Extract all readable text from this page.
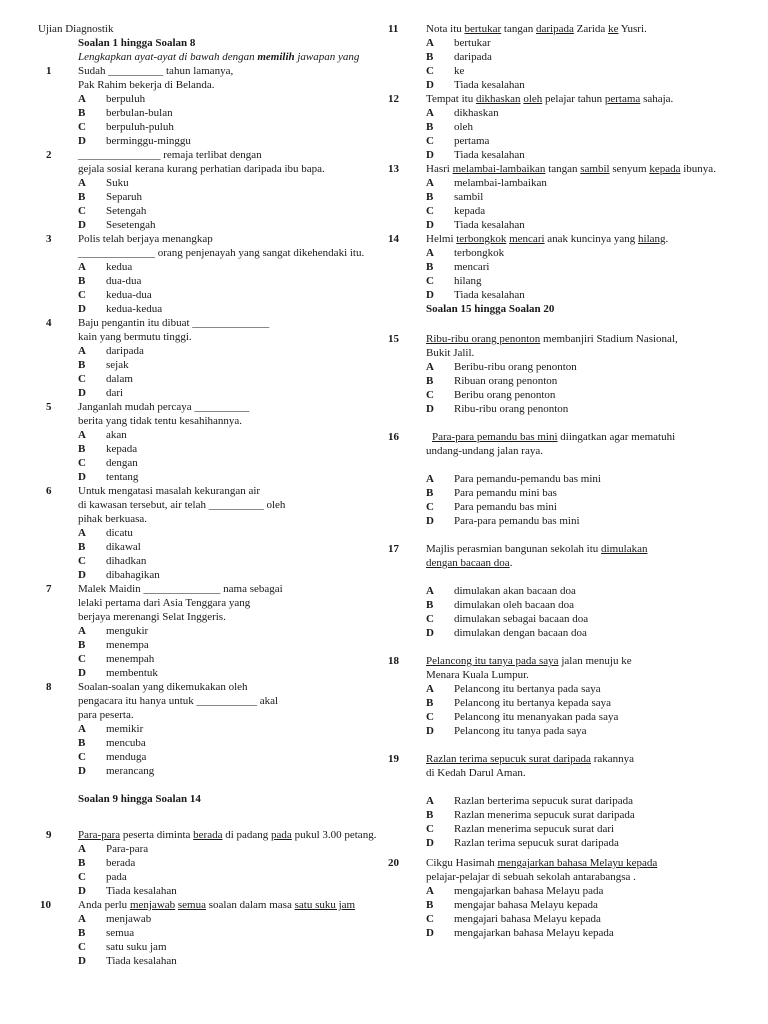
Ujian Diagnostik
Soalan 1 hingga Soalan 8
Lengkapkan ayat-ayat di bawah dengan memilih jawapan yang
1 Sudah __________ tahun lamanya,
Pak Rahim bekerja di Belanda.
A	berpuluh
B	berbulan-bulan
C	berpuluh-puluh
D	berminggu-minggu
2 _______________ remaja terlibat dengan
gejala sosial kerana kurang perhatian daripada ibu bapa.
A	Suku
B	Separuh
C	Setengah
D	Sesetengah
3 Polis telah berjaya menangkap
______________ orang penjenayah yang sangat dikehendaki itu.
A	kedua
B	dua-dua
C	kedua-dua
D	kedua-kedua
4 Baju pengantin itu dibuat ______________
kain yang bermutu tinggi.
A	daripada
B	sejak
C	dalam
D	dari
5 Janganlah mudah percaya __________
berita yang tidak tentu kesahihannya.
A	akan
B	kepada
C	dengan
D	tentang
6 Untuk mengatasi masalah kekurangan air
di kawasan tersebut, air telah __________ oleh
pihak berkuasa.
A	dicatu
B	dikawal
C	dihadkan
D	dibahagikan
7 Malek Maidin ______________ nama sebagai
lelaki pertama dari Asia Tenggara yang
berjaya merenangi Selat Inggeris.
A	mengukir
B	menempa
C	menempah
D	membentuk
8 Soalan-soalan yang dikemukakan oleh
pengacara itu hanya untuk ___________ akal
para peserta.
A	memikir
B	mencuba
C	menduga
D	merancang
Soalan 9 hingga Soalan 14
9 Para-para peserta diminta berada di padang pada pukul 3.00 petang.
A	Para-para
B	berada
C	pada
D	Tiada kesalahan
10 Anda perlu menjawab semua soalan dalam masa satu suku jam
A	menjawab
B	semua
C	satu suku jam
D	Tiada kesalahan
11	Nota itu bertukar tangan daripada Zarida ke Yusri.
A	bertukar
B	daripada
C	ke
D	Tiada kesalahan
12 Tempat itu dikhaskan oleh pelajar tahun pertama sahaja.
A	dikhaskan
B	oleh
C	pertama
D	Tiada kesalahan
13 Hasri melambai-lambaikan tangan sambil senyum kepada ibunya.
A	melambai-lambaikan
B	sambil
C	kepada
D	Tiada kesalahan
14 Helmi terbongkok mencari anak kuncinya yang hilang.
A	terbongkok
B	mencari
C	hilang
D	Tiada kesalahan
Soalan 15 hingga Soalan 20
15 Ribu-ribu orang penonton membanjiri Stadium Nasional,
Bukit Jalil.
A	Beribu-ribu orang penonton
B	Ribuan orang penonton
C	Beribu orang penonton
D	Ribu-ribu orang penonton
16	Para-para pemandu bas mini diingatkan agar mematuhi
undang-undang jalan raya.
A	Para pemandu-pemandu bas mini
B	Para pemandu mini bas
C	Para pemandu bas mini
D	Para-para pemandu bas mini
17 Majlis perasmian bangunan sekolah itu dimulakan
dengan bacaan doa.
A	dimulakan akan bacaan doa
B	dimulakan oleh bacaan doa
C	dimulakan sebagai bacaan doa
D	dimulakan dengan bacaan doa
18 Pelancong itu tanya pada saya jalan menuju ke
Menara Kuala Lumpur.
A	Pelancong itu bertanya pada saya
B	Pelancong itu bertanya kepada saya
C	Pelancong itu menanyakan pada saya
D	Pelancong itu tanya pada saya
19 Razlan terima sepucuk surat daripada rakannya
di Kedah Darul Aman.
A	Razlan berterima sepucuk surat daripada
B	Razlan menerima sepucuk surat daripada
C	Razlan menerima sepucuk surat dari
D	Razlan terima sepucuk surat daripada
20 Cikgu Hasimah mengajarkan bahasa Melayu kepada
pelajar-pelajar di sebuah sekolah antarabangsa .
A	mengajarkan bahasa Melayu pada
B	mengajar bahasa Melayu kepada
C	mengajari bahasa Melayu kepada
D	mengajarkan bahasa Melayu kepada
